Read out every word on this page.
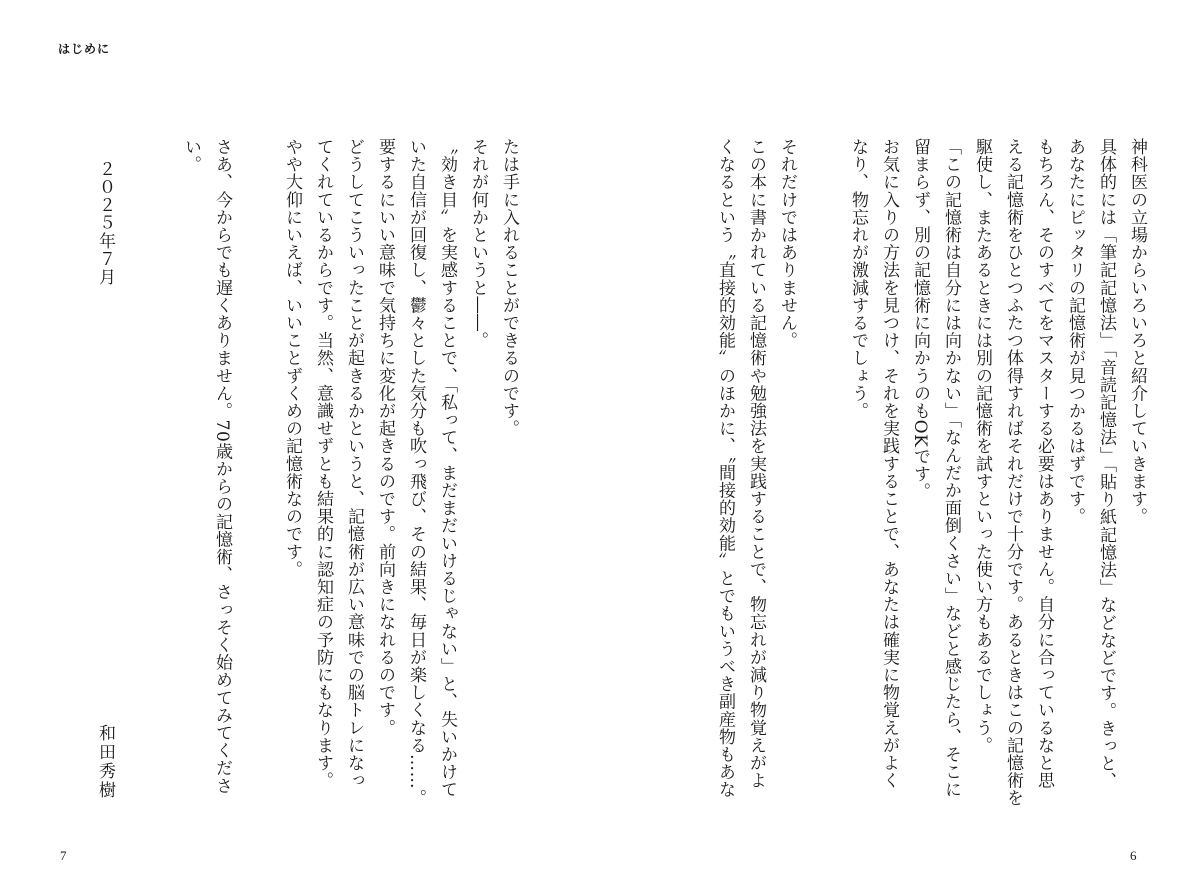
はじめに
神科医の立場からいろいろと紹介していきます。
具体的には「筆記記憶法」「音読記憶法」「貼り紙記憶法」などなどです。きっと、
あなたにピッタリの記憶術が見つかるはずです。
もちろん、そのすべてをマスターする必要はありません。自分に合っているなと思
える記憶術をひとつふたつ体得すればそれだけで十分です。あるときはこの記憶術を
駆使し、またあるときには別の記憶術を試すといった使い方もあるでしょう。
「この記憶術は自分には向かない」「なんだか面倒くさい」などと感じたら、そこに
留まらず、別の記憶術に向かうのもOKです。
お気に入りの方法を見つけ、それを実践することで、あなたは確実に物覚えがよく
なり、物忘れが激減するでしょう。
それだけではありません。
この本に書かれている記憶術や勉強法を実践することで、物忘れが減り物覚えがよ
くなるという〝直接的効能〟のほかに、〝間接的効能〟とでもいうべき副産物もあな
たは手に入れることができるのです。
それが何かというと――。
〝効き目〟を実感することで、「私って、まだまだいけるじゃない」と、失いかけて
いた自信が回復し、鬱々とした気分も吹っ飛び、その結果、毎日が楽しくなる……。
要するにいい意味で気持ちに変化が起きるのです。前向きになれるのです。
どうしてこういったことが起きるかというと、記憶術が広い意味での脳トレになっ
てくれているからです。当然、意識せずとも結果的に認知症の予防にもなります。
やや大仰にいえば、いいことずくめの記憶術なのです。
さあ、今からでも遅くありません。70歳からの記憶術、さっそく始めてみてくださ
い。
２０２５年７月
和田秀樹
7	6
